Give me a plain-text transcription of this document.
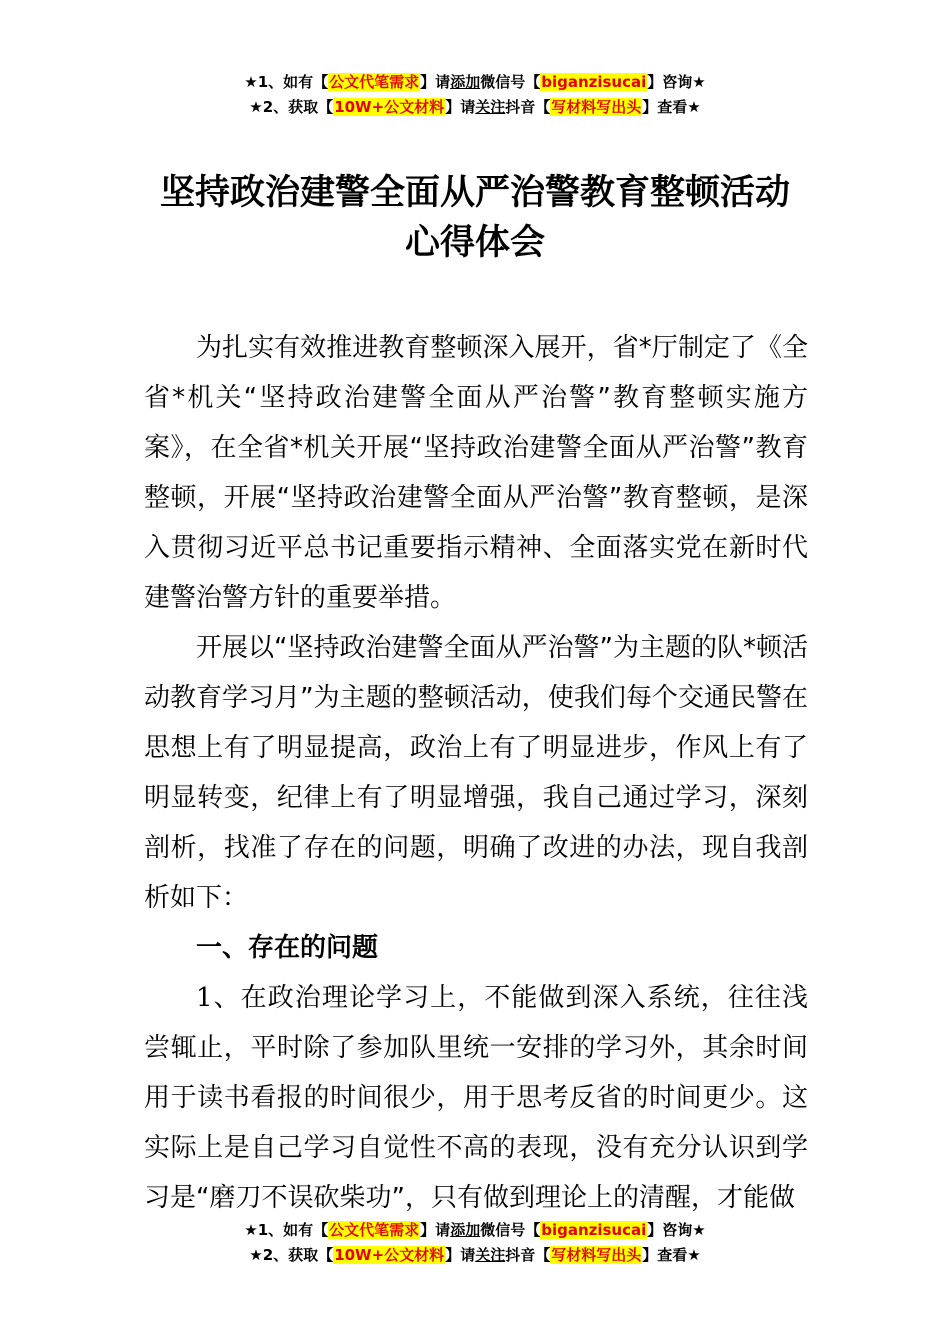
★1、如有【公文代笔需求】请添加微信号【biganzisucai】咨询★
★2、获取【10W+公文材料】请关注抖音【写材料写出头】查看★
坚持政治建警全面从严治警教育整顿活动
心得体会

为扎实有效推进教育整顿深入展开，省*厅制定了《全省*机关“坚持政治建警全面从严治警”教育整顿实施方案》，在全省*机关开展“坚持政治建警全面从严治警”教育整顿，开展“坚持政治建警全面从严治警”教育整顿，是深入贯彻习近平总书记重要指示精神、全面落实党在新时代建警治警方针的重要举措。

开展以“坚持政治建警全面从严治警”为主题的队*顿活动教育学习月”为主题的整顿活动，使我们每个交通民警在思想上有了明显提高，政治上有了明显进步，作风上有了明显转变，纪律上有了明显增强，我自己通过学习，深刻剖析，找准了存在的问题，明确了改进的办法，现自我剖析如下：

一、存在的问题

1、在政治理论学习上，不能做到深入系统，往往浅尝辄止，平时除了参加队里统一安排的学习外，其余时间用于读书看报的时间很少，用于思考反省的时间更少。这实际上是自己学习自觉性不高的表现，没有充分认识到学习是“磨刀不误砍柴功”，只有做到理论上的清醒，才能做

★1、如有【公文代笔需求】请添加微信号【biganzisucai】咨询★
★2、获取【10W+公文材料】请关注抖音【写材料写出头】查看★
